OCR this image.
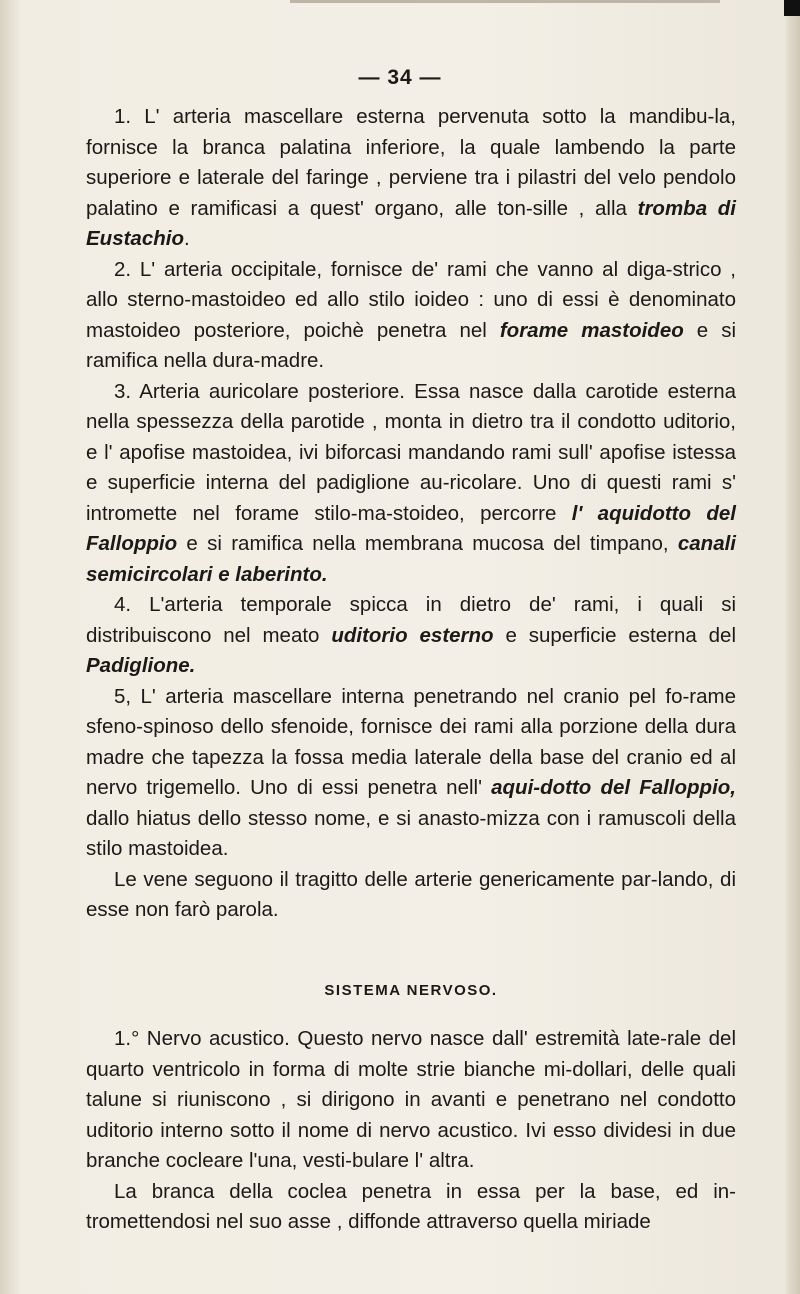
— 34 —

1. L' arteria mascellare esterna pervenuta sotto la mandibu-la, fornisce la branca palatina inferiore, la quale lambendo la parte superiore e laterale del faringe , perviene tra i pilastri del velo pendolo palatino e ramificasi a quest' organo, alle ton-sille , alla tromba di Eustachio.

2. L' arteria occipitale, fornisce de' rami che vanno al diga-strico , allo sterno-mastoideo ed allo stilo ioideo : uno di essi è denominato mastoideo posteriore, poichè penetra nel forame mastoideo e si ramifica nella dura-madre.

3. Arteria auricolare posteriore. Essa nasce dalla carotide esterna nella spessezza della parotide , monta in dietro tra il condotto uditorio, e l' apofise mastoidea, ivi biforcasi mandando rami sull' apofise istessa e superficie interna del padiglione au-ricolare. Uno di questi rami s' intromette nel forame stilo-ma-stoideo, percorre l' aquidotto del Falloppio e si ramifica nella membrana mucosa del timpano, canali semicircolari e laberinto.

4. L'arteria temporale spicca in dietro de' rami, i quali si distribuiscono nel meato uditorio esterno e superficie esterna del Padiglione.

5, L' arteria mascellare interna penetrando nel cranio pel fo-rame sfeno-spinoso dello sfenoide, fornisce dei rami alla porzione della dura madre che tapezza la fossa media laterale della base del cranio ed al nervo trigemello. Uno di essi penetra nell' aqui-dotto del Falloppio, dallo hiatus dello stesso nome, e si anasto-mizza con i ramuscoli della stilo mastoidea.

Le vene seguono il tragitto delle arterie genericamente par-lando, di esse non farò parola.

SISTEMA NERVOSO.

1.° Nervo acustico. Questo nervo nasce dall' estremità late-rale del quarto ventricolo in forma di molte strie bianche mi-dollari, delle quali talune si riuniscono , si dirigono in avanti e penetrano nel condotto uditorio interno sotto il nome di nervo acustico. Ivi esso dividesi in due branche cocleare l'una, vesti-bulare l' altra.

La branca della coclea penetra in essa per la base, ed in-tromettendosi nel suo asse , diffonde attraverso quella miriade
